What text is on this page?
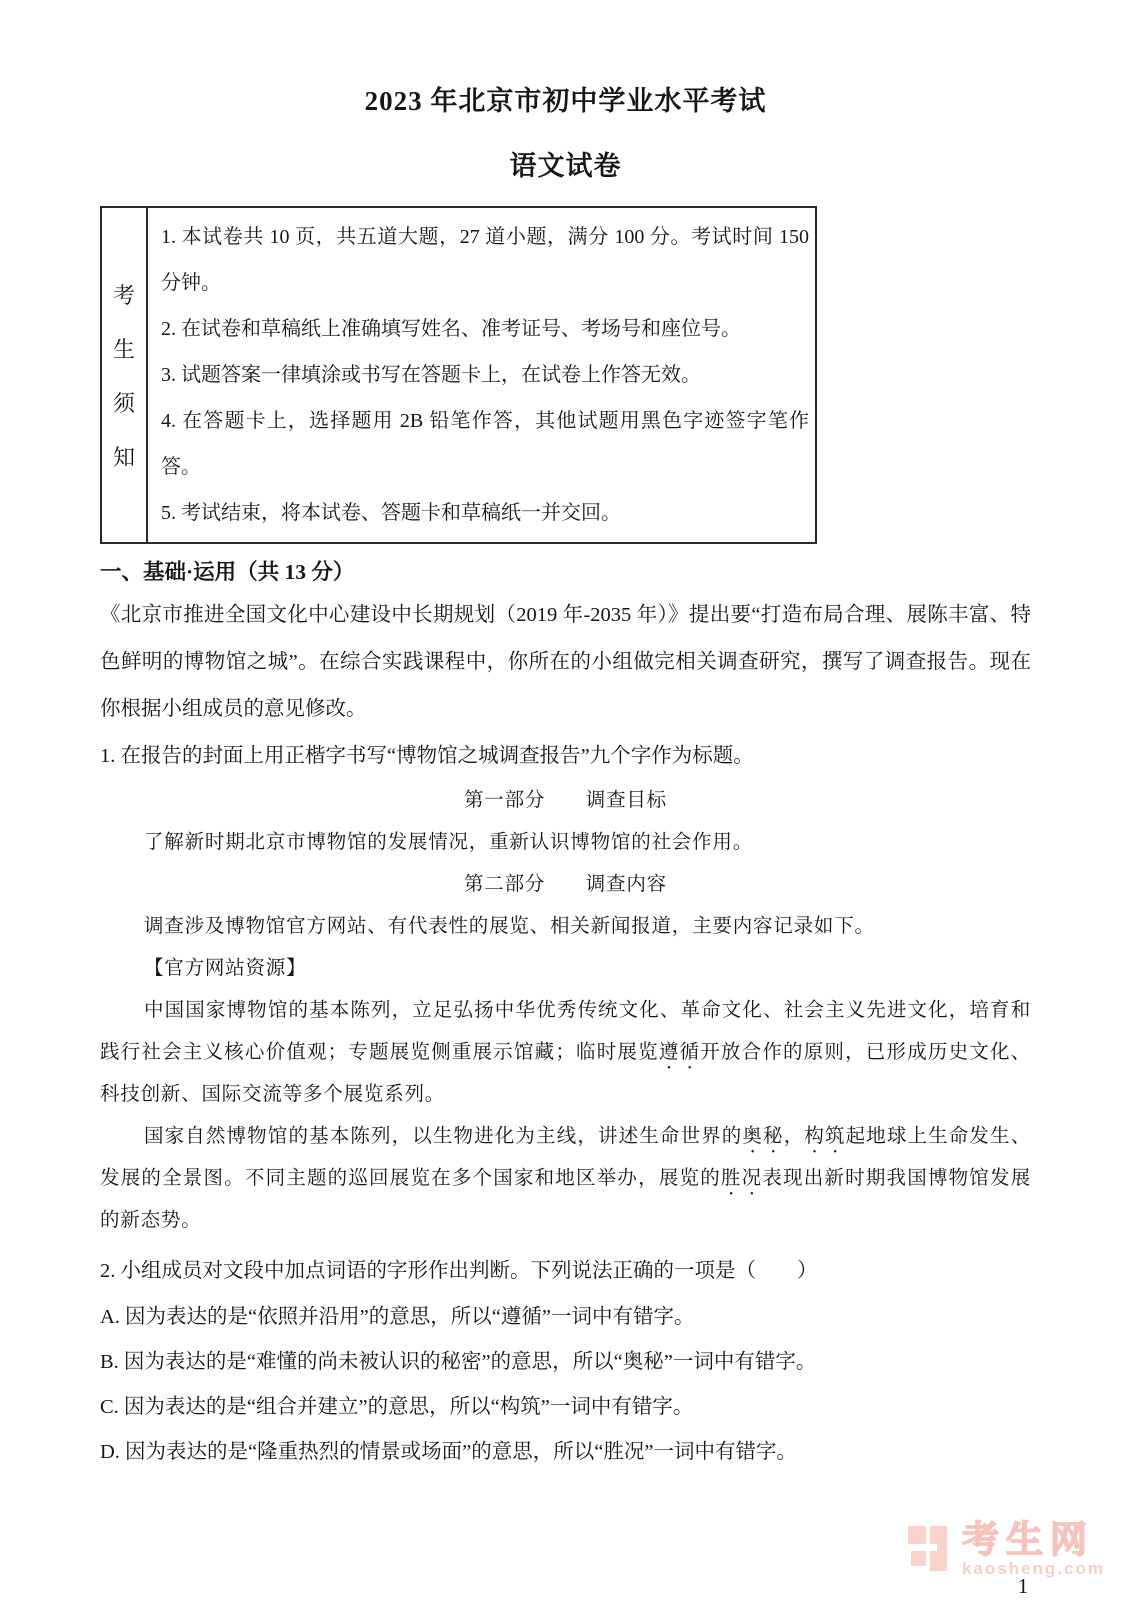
2023 年北京市初中学业水平考试
语文试卷
考
生
须
知

1. 本试卷共 10 页，共五道大题，27 道小题，满分 100 分。考试时间 150 分钟。

2. 在试卷和草稿纸上准确填写姓名、准考证号、考场号和座位号。

3. 试题答案一律填涂或书写在答题卡上，在试卷上作答无效。

4. 在答题卡上，选择题用 2B 铅笔作答，其他试题用黑色字迹签字笔作答。

5. 考试结束，将本试卷、答题卡和草稿纸一并交回。

一、基础·运用（共 13 分）

《北京市推进全国文化中心建设中长期规划（2019 年-2035 年）》提出要“打造布局合理、展陈丰富、特色鲜明的博物馆之城”。在综合实践课程中，你所在的小组做完相关调查研究，撰写了调查报告。现在你根据小组成员的意见修改。

1. 在报告的封面上用正楷字书写“博物馆之城调查报告”九个字作为标题。

第一部分　　调查目标

了解新时期北京市博物馆的发展情况，重新认识博物馆的社会作用。

第二部分　　调查内容

调查涉及博物馆官方网站、有代表性的展览、相关新闻报道，主要内容记录如下。

【官方网站资源】

中国国家博物馆的基本陈列，立足弘扬中华优秀传统文化、革命文化、社会主义先进文化，培育和践行社会主义核心价值观；专题展览侧重展示馆藏；临时展览遵循开放合作的原则，已形成历史文化、科技创新、国际交流等多个展览系列。

国家自然博物馆的基本陈列，以生物进化为主线，讲述生命世界的奥秘，构筑起地球上生命发生、发展的全景图。不同主题的巡回展览在多个国家和地区举办，展览的胜况表现出新时期我国博物馆发展的新态势。

2. 小组成员对文段中加点词语的字形作出判断。下列说法正确的一项是（　　）

A. 因为表达的是“依照并沿用”的意思，所以“遵循”一词中有错字。

B. 因为表达的是“难懂的尚未被认识的秘密”的意思，所以“奥秘”一词中有错字。

C. 因为表达的是“组合并建立”的意思，所以“构筑”一词中有错字。

D. 因为表达的是“隆重热烈的情景或场面”的意思，所以“胜况”一词中有错字。

考生网
kaosheng.com
1
